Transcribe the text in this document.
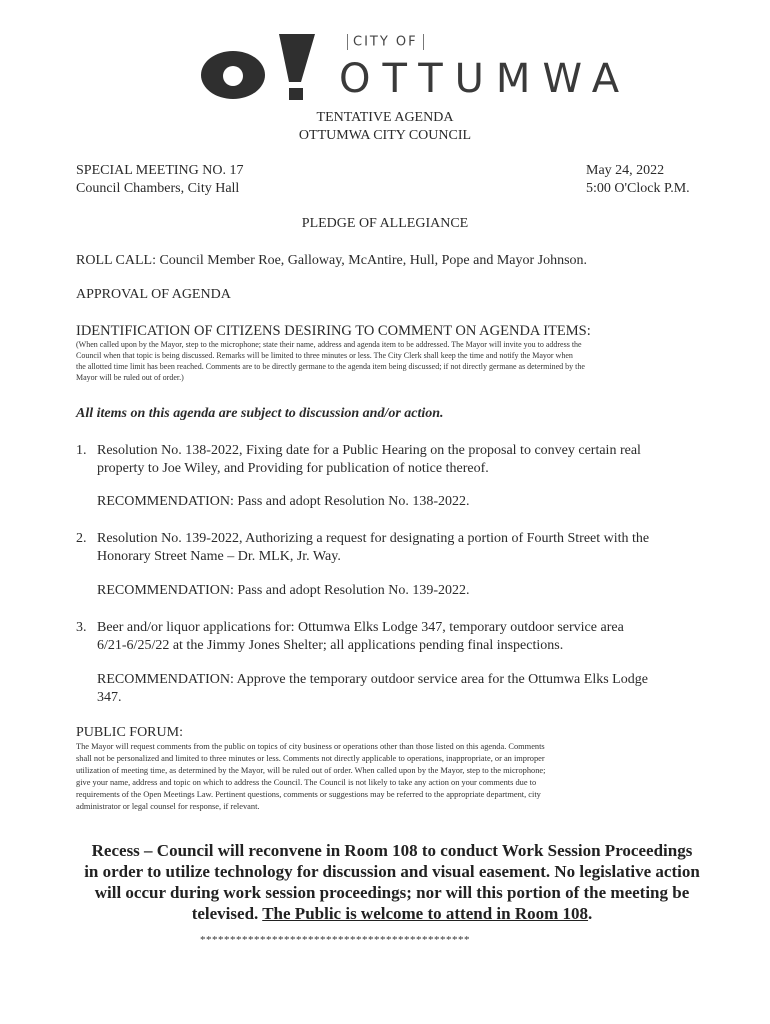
CITY OF
OTTUMWA
TENTATIVE AGENDA
OTTUMWA CITY COUNCIL
SPECIAL MEETING NO. 17
Council Chambers, City Hall
May 24, 2022
5:00 O'Clock P.M.
PLEDGE OF ALLEGIANCE
ROLL CALL: Council Member Roe, Galloway, McAntire, Hull, Pope and Mayor Johnson.
APPROVAL OF AGENDA
IDENTIFICATION OF CITIZENS DESIRING TO COMMENT ON AGENDA ITEMS:
(When called upon by the Mayor, step to the microphone; state their name, address and agenda item to be addressed. The Mayor will invite you to address the
Council when that topic is being discussed. Remarks will be limited to three minutes or less. The City Clerk shall keep the time and notify the Mayor when
the allotted time limit has been reached. Comments are to be directly germane to the agenda item being discussed; if not directly germane as determined by the
Mayor will be ruled out of order.)
All items on this agenda are subject to discussion and/or action.
1. Resolution No. 138-2022, Fixing date for a Public Hearing on the proposal to convey certain real
property to Joe Wiley, and Providing for publication of notice thereof.
RECOMMENDATION: Pass and adopt Resolution No. 138-2022.
2. Resolution No. 139-2022, Authorizing a request for designating a portion of Fourth Street with the
Honorary Street Name – Dr. MLK, Jr. Way.
RECOMMENDATION: Pass and adopt Resolution No. 139-2022.
3. Beer and/or liquor applications for: Ottumwa Elks Lodge 347, temporary outdoor service area
6/21-6/25/22 at the Jimmy Jones Shelter; all applications pending final inspections.
RECOMMENDATION: Approve the temporary outdoor service area for the Ottumwa Elks Lodge
347.
PUBLIC FORUM:
The Mayor will request comments from the public on topics of city business or operations other than those listed on this agenda. Comments
shall not be personalized and limited to three minutes or less. Comments not directly applicable to operations, inappropriate, or an improper
utilization of meeting time, as determined by the Mayor, will be ruled out of order. When called upon by the Mayor, step to the microphone;
give your name, address and topic on which to address the Council. The Council is not likely to take any action on your comments due to
requirements of the Open Meetings Law. Pertinent questions, comments or suggestions may be referred to the appropriate department, city
administrator or legal counsel for response, if relevant.
Recess – Council will reconvene in Room 108 to conduct Work Session Proceedings
in order to utilize technology for discussion and visual easement. No legislative action
will occur during work session proceedings; nor will this portion of the meeting be
televised. The Public is welcome to attend in Room 108.
*********************************************
